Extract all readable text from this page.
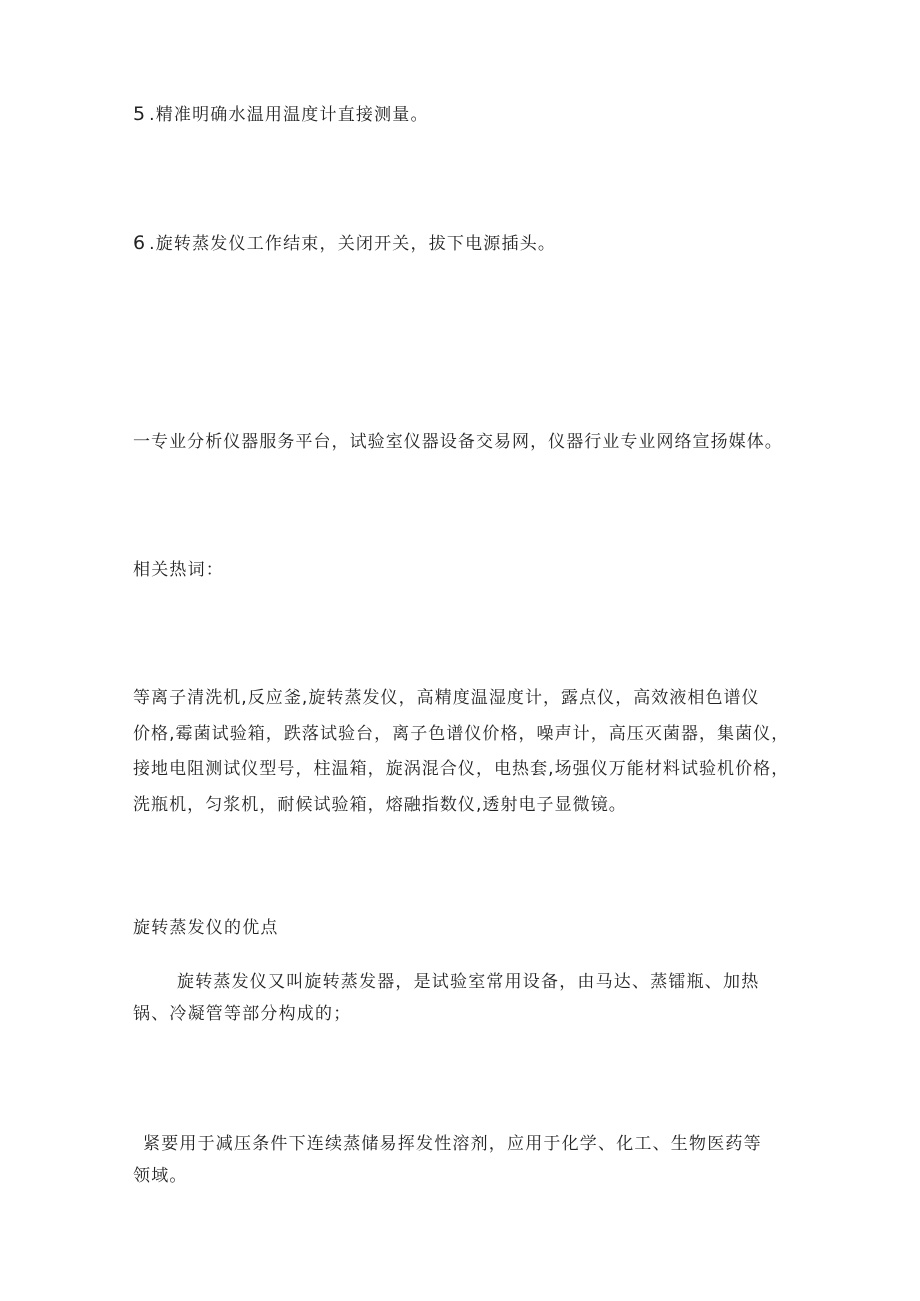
5 .精准明确水温用温度计直接测量。

6 .旋转蒸发仪工作结束，关闭开关，拔下电源插头。

一专业分析仪器服务平台，试验室仪器设备交易网，仪器行业专业网络宣扬媒体。

相关热词：

等离子清洗机,反应釜,旋转蒸发仪，高精度温湿度计，露点仪，高效液相色谱仪
价格,霉菌试验箱，跌落试验台，离子色谱仪价格，噪声计，高压灭菌器，集菌仪，
接地电阻测试仪型号，柱温箱，旋涡混合仪，电热套,场强仪万能材料试验机价格，
洗瓶机，匀浆机，耐候试验箱，熔融指数仪,透射电子显微镜。

旋转蒸发仪的优点

旋转蒸发仪又叫旋转蒸发器，是试验室常用设备，由马达、蒸镭瓶、加热
锅、冷凝管等部分构成的；
紧要用于减压条件下连续蒸储易挥发性溶剂，应用于化学、化工、生物医药等
领域。
